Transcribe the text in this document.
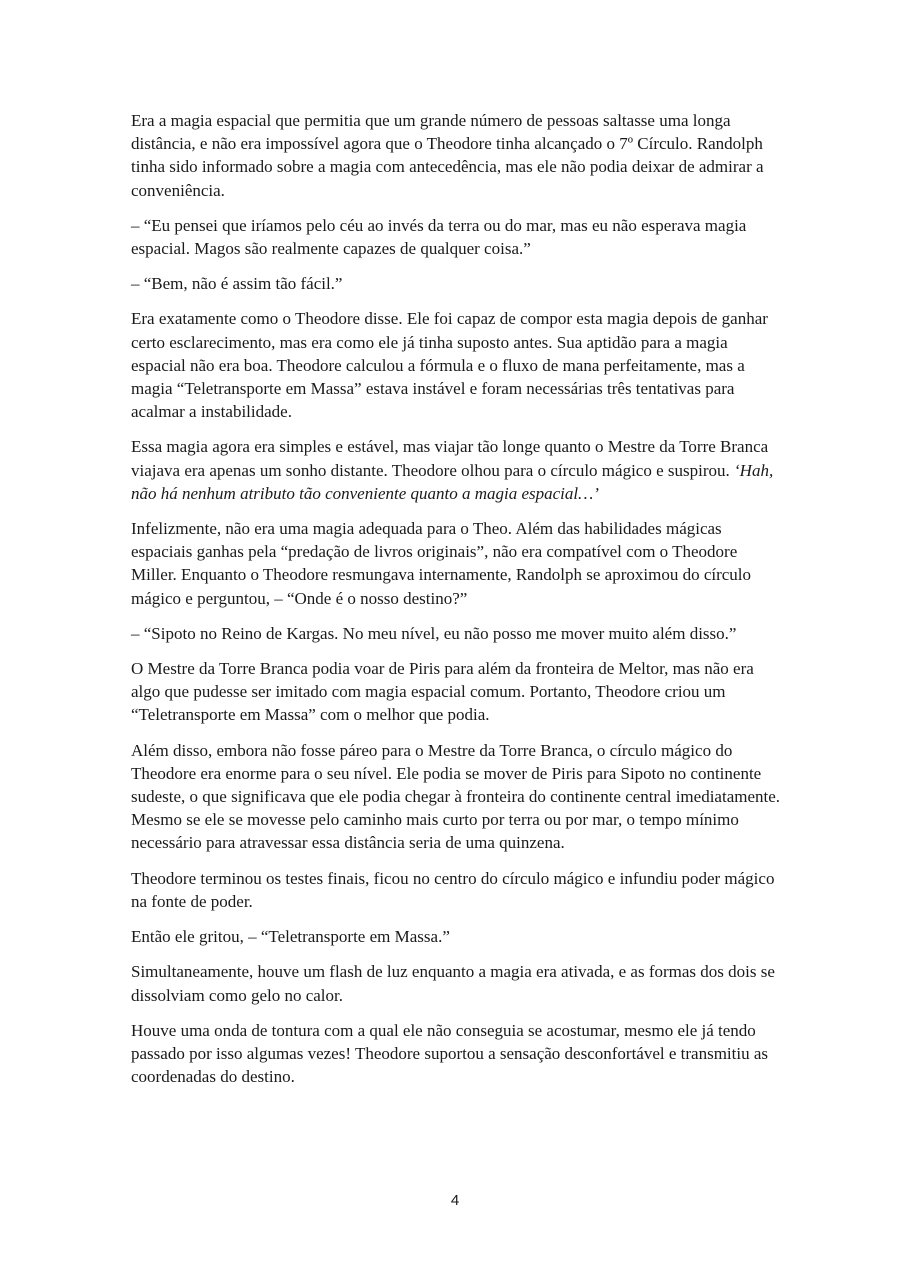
Era a magia espacial que permitia que um grande número de pessoas saltasse uma longa distância, e não era impossível agora que o Theodore tinha alcançado o 7º Círculo. Randolph tinha sido informado sobre a magia com antecedência, mas ele não podia deixar de admirar a conveniência.

– “Eu pensei que iríamos pelo céu ao invés da terra ou do mar, mas eu não esperava magia espacial. Magos são realmente capazes de qualquer coisa.”

– “Bem, não é assim tão fácil.”

Era exatamente como o Theodore disse. Ele foi capaz de compor esta magia depois de ganhar certo esclarecimento, mas era como ele já tinha suposto antes. Sua aptidão para a magia espacial não era boa. Theodore calculou a fórmula e o fluxo de mana perfeitamente, mas a magia “Teletransporte em Massa” estava instável e foram necessárias três tentativas para acalmar a instabilidade.

Essa magia agora era simples e estável, mas viajar tão longe quanto o Mestre da Torre Branca viajava era apenas um sonho distante. Theodore olhou para o círculo mágico e suspirou. ‘Hah, não há nenhum atributo tão conveniente quanto a magia espacial…’

Infelizmente, não era uma magia adequada para o Theo. Além das habilidades mágicas espaciais ganhas pela “predação de livros originais”, não era compatível com o Theodore Miller. Enquanto o Theodore resmungava internamente, Randolph se aproximou do círculo mágico e perguntou, – “Onde é o nosso destino?”

– “Sipoto no Reino de Kargas. No meu nível, eu não posso me mover muito além disso.”

O Mestre da Torre Branca podia voar de Piris para além da fronteira de Meltor, mas não era algo que pudesse ser imitado com magia espacial comum. Portanto, Theodore criou um “Teletransporte em Massa” com o melhor que podia.

Além disso, embora não fosse páreo para o Mestre da Torre Branca, o círculo mágico do Theodore era enorme para o seu nível. Ele podia se mover de Piris para Sipoto no continente sudeste, o que significava que ele podia chegar à fronteira do continente central imediatamente. Mesmo se ele se movesse pelo caminho mais curto por terra ou por mar, o tempo mínimo necessário para atravessar essa distância seria de uma quinzena.

Theodore terminou os testes finais, ficou no centro do círculo mágico e infundiu poder mágico na fonte de poder.

Então ele gritou, – “Teletransporte em Massa.”

Simultaneamente, houve um flash de luz enquanto a magia era ativada, e as formas dos dois se dissolviam como gelo no calor.

Houve uma onda de tontura com a qual ele não conseguia se acostumar, mesmo ele já tendo passado por isso algumas vezes! Theodore suportou a sensação desconfortável e transmitiu as coordenadas do destino.

4
